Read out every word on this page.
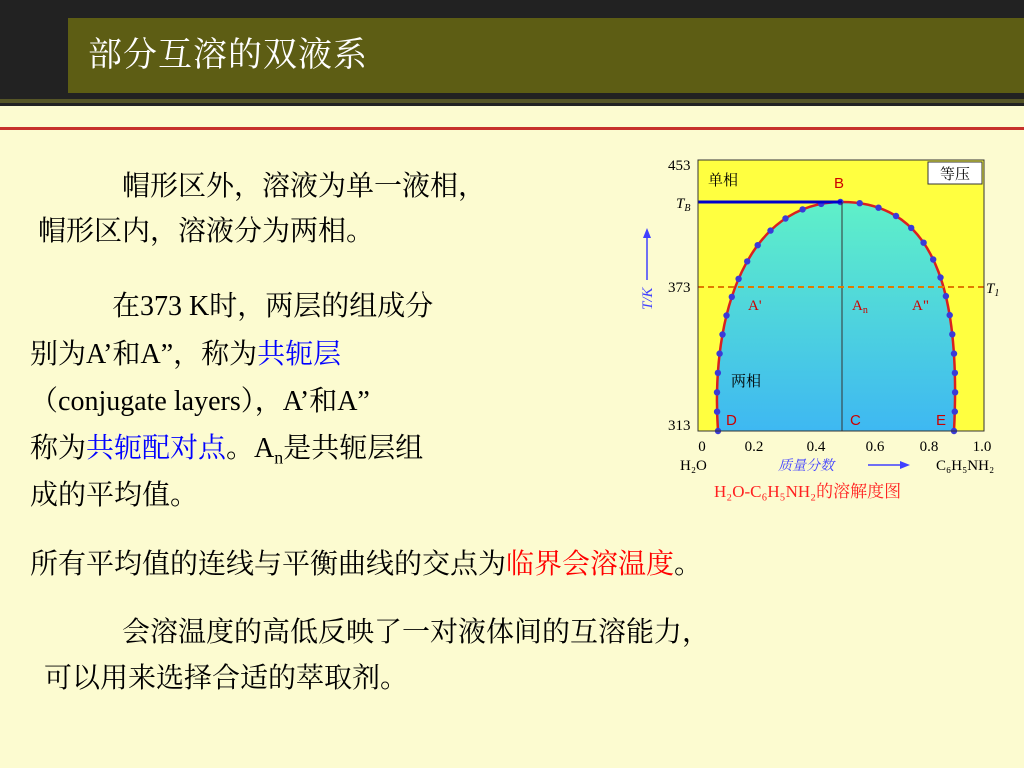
部分互溶的双液系
帽形区外，溶液为单一液相，
帽形区内，溶液分为两相。
在373 K时，两层的组成分
别为A’和A”，称为共轭层
（conjugate layers），A’和A”
称为共轭配对点。$A_n$是共轭层组
成的平均值。
所有平均值的连线与平衡曲线的交点为临界会溶温度。
会溶温度的高低反映了一对液体间的互溶能力，
可以用来选择合适的萃取剂。
等压
单相
两相
B
A'	$A_n$	A"
D	C	E
453
373
313
$T_B$
$T_1$
T/K
0	0.2	0.4	0.6 0.8 1.0
H₂O	C₆H₅NH₂
质量分数
H₂O-C₆H₅NH₂的溶解度图
